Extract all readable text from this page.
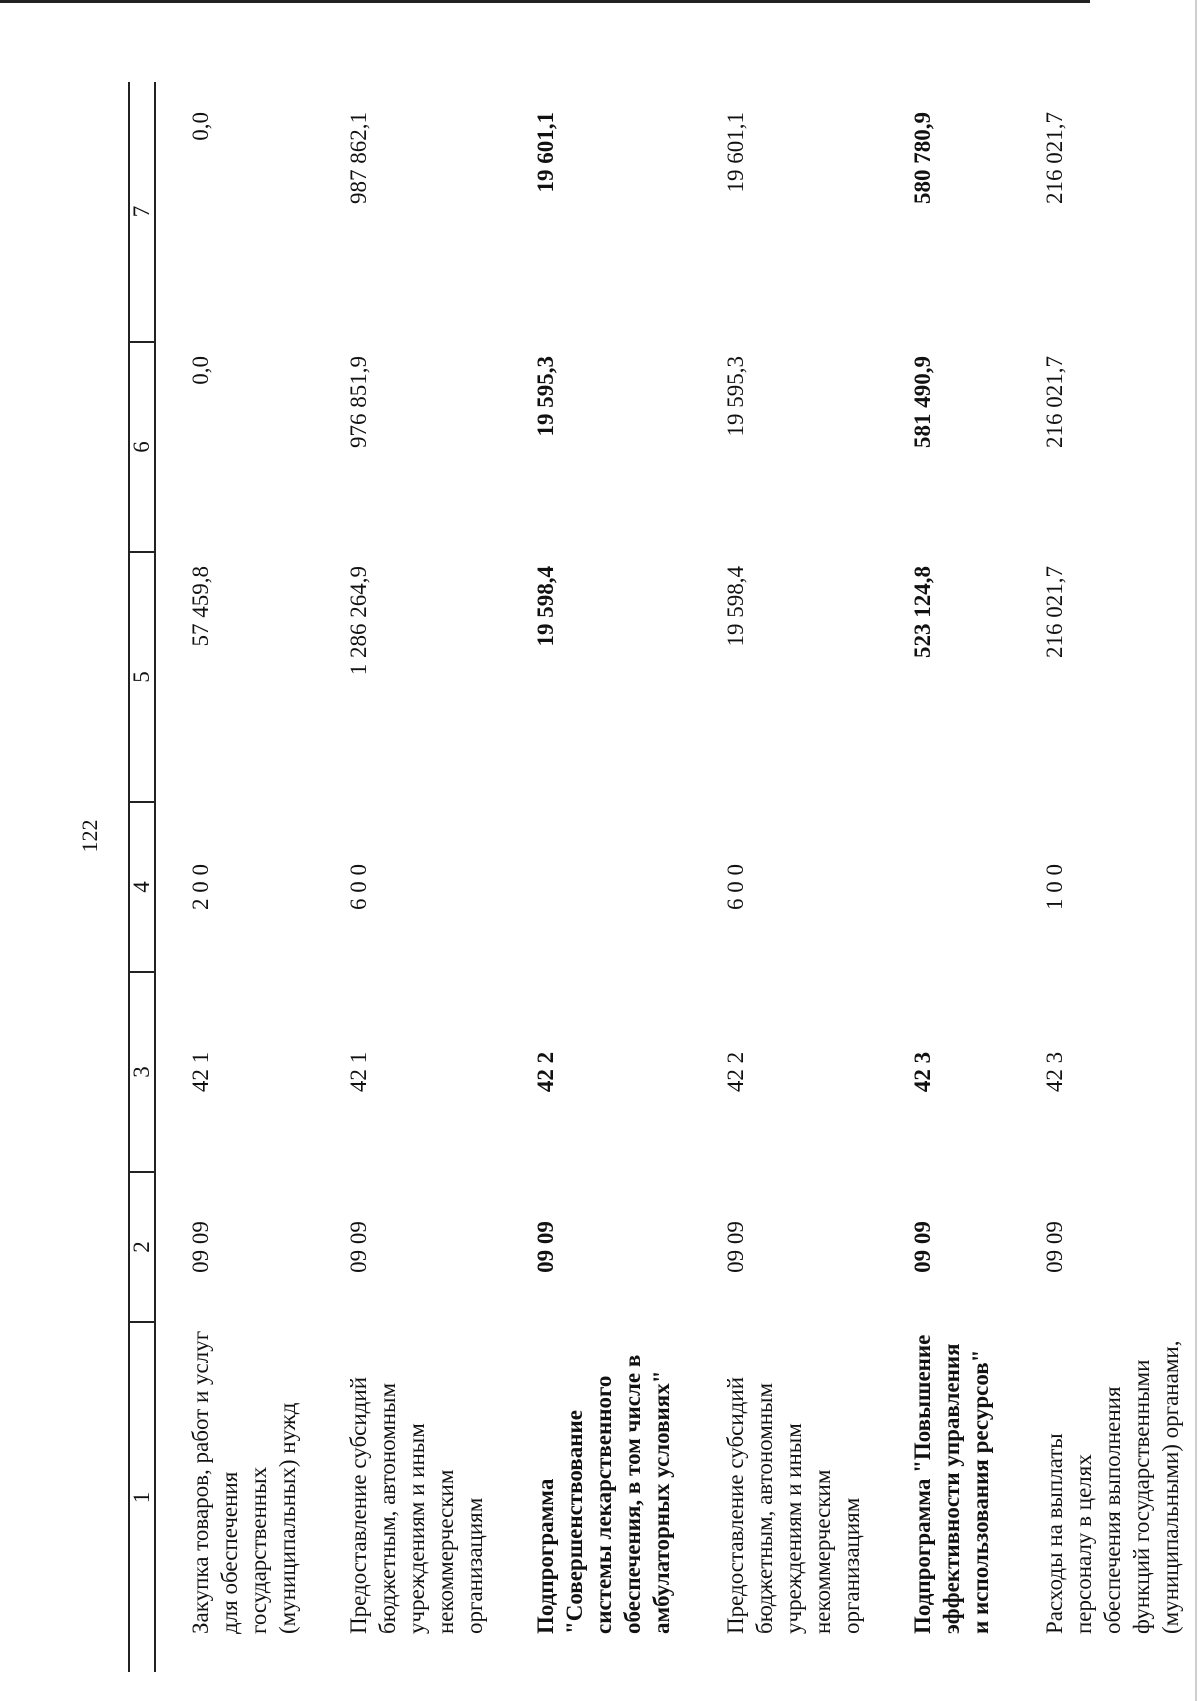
122
1	2	3	4	5	6	7
Закупка товаров, работ и услуг для обеспечения государственных (муниципальных) нужд	09 09	42 1	2 0 0	57 459,8	0,0	0,0
Предоставление субсидий бюджетным, автономным учреждениям и иным некоммерческим организациям	09 09	42 1	6 0 0	1 286 264,9	976 851,9	987 862,1
Подпрограмма "Совершенствование системы лекарственного обеспечения, в том числе в амбулаторных условиях"	09 09	42 2		19 598,4	19 595,3	19 601,1
Предоставление субсидий бюджетным, автономным учреждениям и иным некоммерческим организациям	09 09	42 2	6 0 0	19 598,4	19 595,3	19 601,1
Подпрограмма "Повышение эффективности управления и использования ресурсов"	09 09	42 3		523 124,8	581 490,9	580 780,9
Расходы на выплаты персоналу в целях обеспечения выполнения функций государственными (муниципальными) органами,	09 09	42 3	1 0 0	216 021,7	216 021,7	216 021,7
